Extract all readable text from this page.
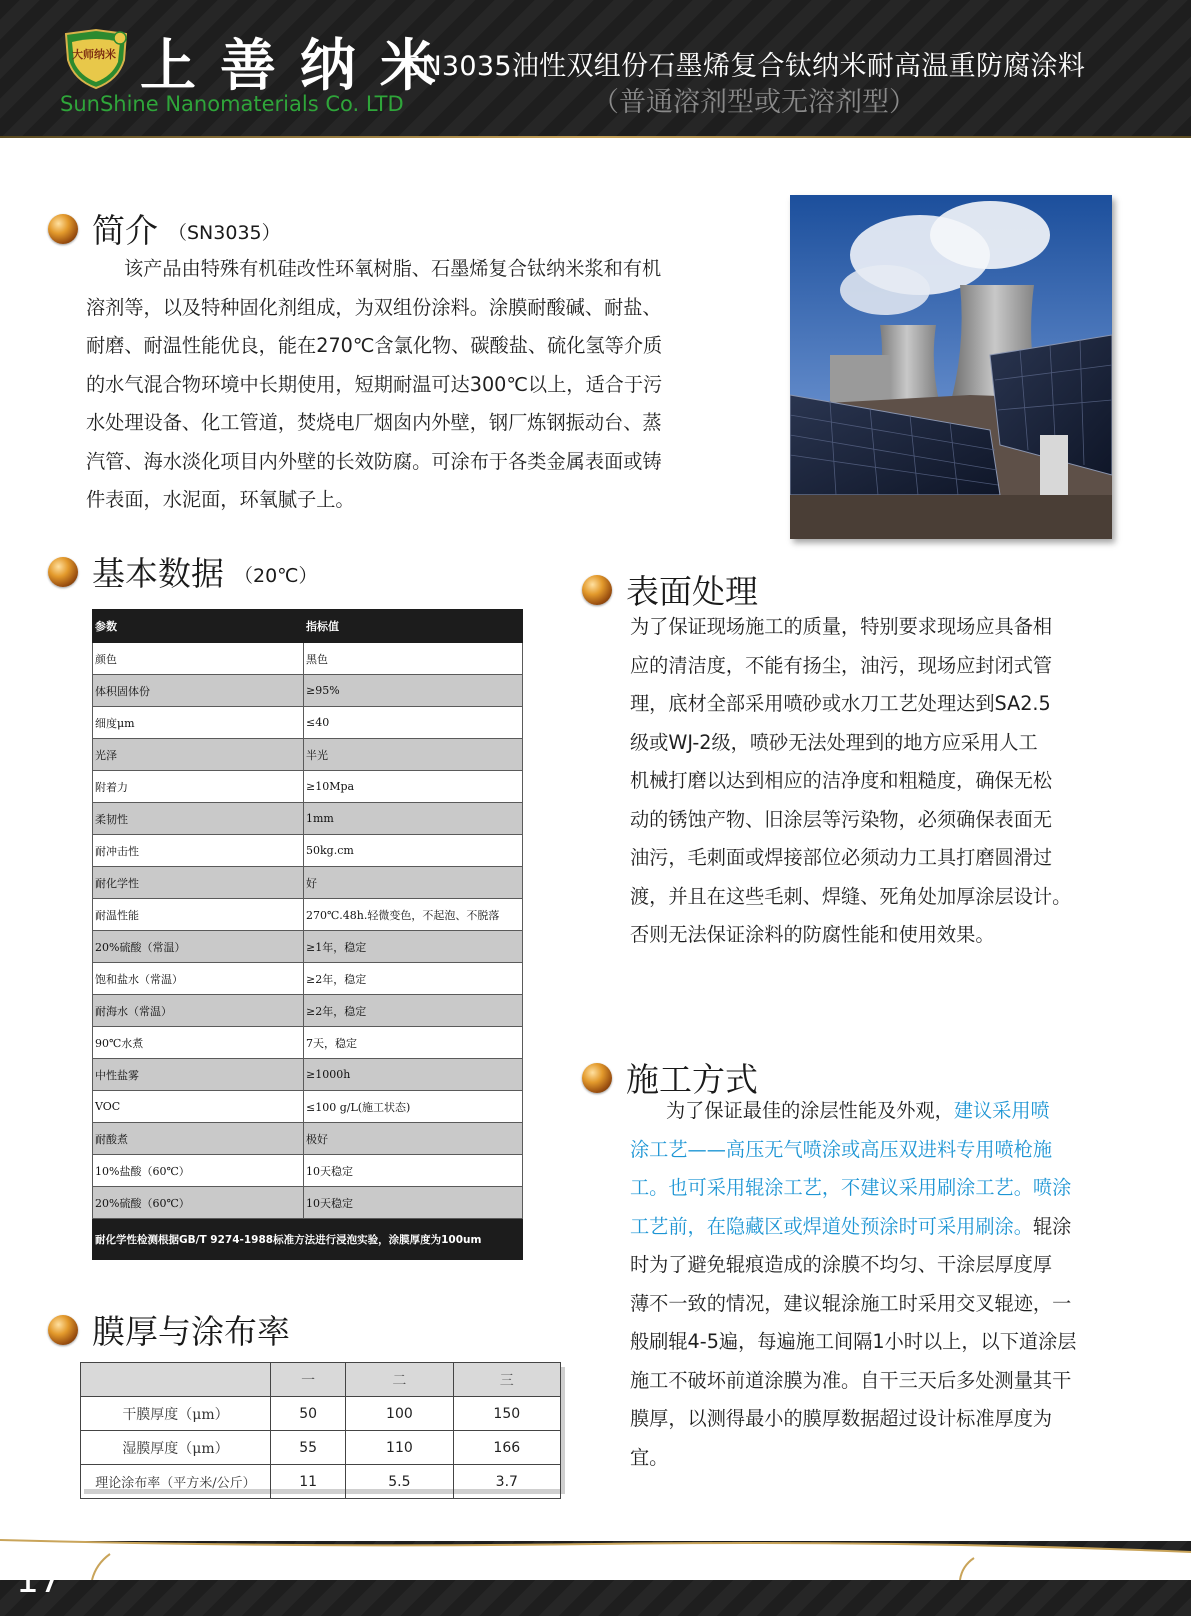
大师纳米 上善纳米
SunShine Nanomaterials Co. LTD
SN3035油性双组份石墨烯复合钛纳米耐高温重防腐涂料
（普通溶剂型或无溶剂型）
简介 （SN3035）
该产品由特殊有机硅改性环氧树脂、石墨烯复合钛纳米浆和有机
溶剂等，以及特种固化剂组成，为双组份涂料。涂膜耐酸碱、耐盐、
耐磨、耐温性能优良，能在270℃含氯化物、碳酸盐、硫化氢等介质
的水气混合物环境中长期使用，短期耐温可达300℃以上，适合于污
水处理设备、化工管道，焚烧电厂烟囱内外壁，钢厂炼钢振动台、蒸
汽管、海水淡化项目内外壁的长效防腐。可涂布于各类金属表面或铸
件表面，水泥面，环氧腻子上。
基本数据 （20℃）
参数	指标值
颜色	黑色
体积固体份	≥95%
细度μm	≤40
光泽	半光
附着力	≥10Mpa
柔韧性	1mm
耐冲击性	50kg.cm
耐化学性	好
耐温性能	270℃.48h.轻微变色，不起泡、不脱落
20%硫酸（常温）	≥1年，稳定
饱和盐水（常温）	≥2年，稳定
耐海水（常温）	≥2年，稳定
90℃水煮	7天，稳定
中性盐雾	≥1000h
VOC	≤100 g/L(施工状态)
耐酸煮	极好
10%盐酸（60℃）	10天稳定
20%硫酸（60℃）	10天稳定
耐化学性检测根据GB/T 9274-1988标准方法进行浸泡实验，涂膜厚度为100um	
膜厚与涂布率
	一	二	三
干膜厚度（μm）	50	100	150
湿膜厚度（μm）	55	110	166
理论涂布率（平方米/公斤）	11	5.5	3.7
表面处理
为了保证现场施工的质量，特别要求现场应具备相
应的清洁度，不能有扬尘，油污，现场应封闭式管
理，底材全部采用喷砂或水刀工艺处理达到SA2.5
级或WJ-2级，喷砂无法处理到的地方应采用人工
机械打磨以达到相应的洁净度和粗糙度，确保无松
动的锈蚀产物、旧涂层等污染物，必须确保表面无
油污，毛刺面或焊接部位必须动力工具打磨圆滑过
渡，并且在这些毛刺、焊缝、死角处加厚涂层设计。
否则无法保证涂料的防腐性能和使用效果。
施工方式
为了保证最佳的涂层性能及外观，建议采用喷
涂工艺——高压无气喷涂或高压双进料专用喷枪施
工。也可采用辊涂工艺，不建议采用刷涂工艺。喷涂
工艺前，在隐藏区或焊道处预涂时可采用刷涂。辊涂
时为了避免辊痕造成的涂膜不均匀、干涂层厚度厚
薄不一致的情况，建议辊涂施工时采用交叉辊迹，一
般刷辊4-5遍，每遍施工间隔1小时以上，以下道涂层
施工不破坏前道涂膜为准。自干三天后多处测量其干
膜厚，以测得最小的膜厚数据超过设计标准厚度为
宜。
17
